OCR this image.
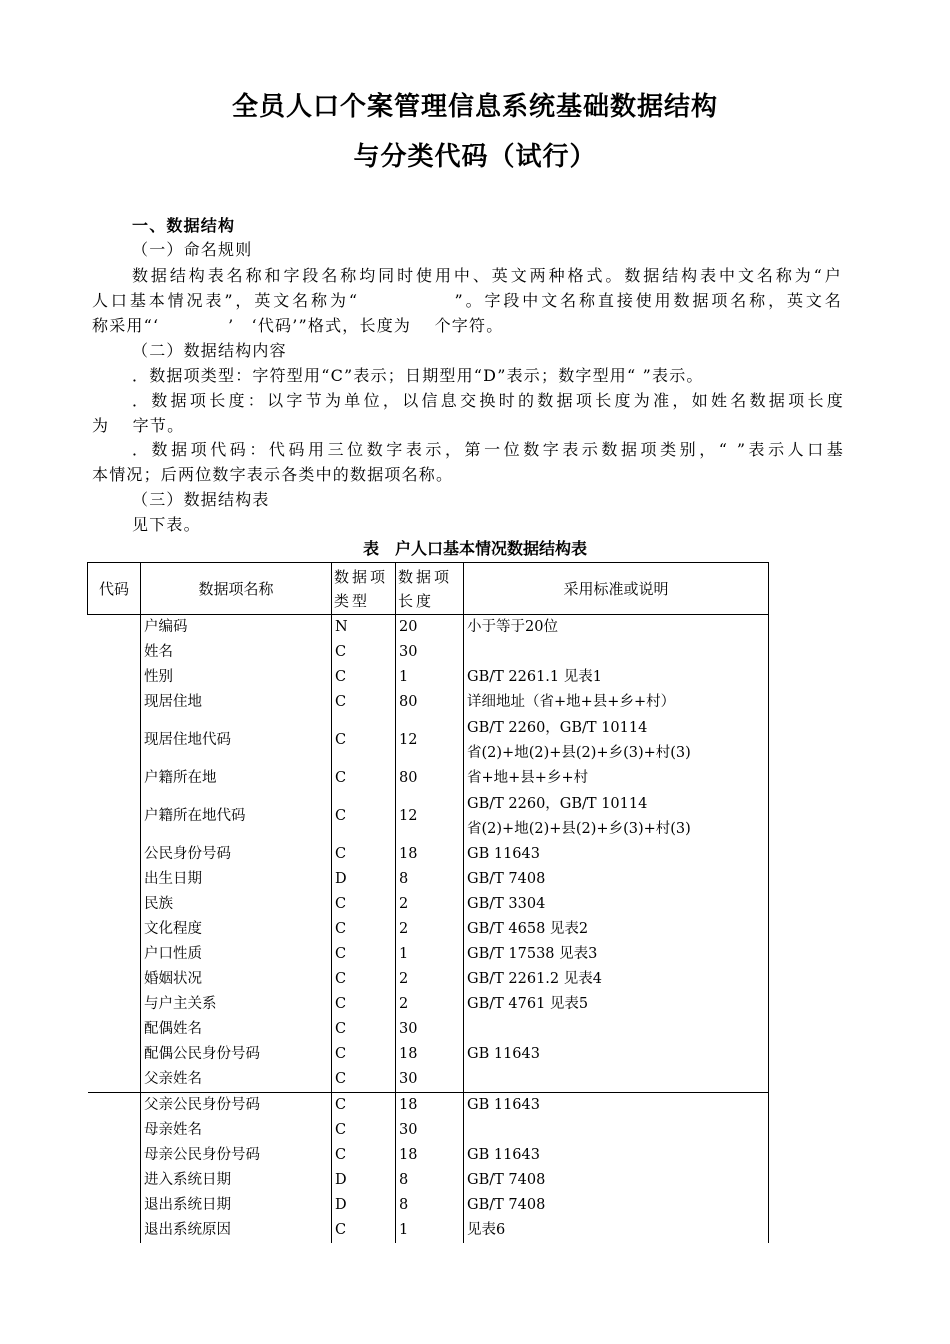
全员人口个案管理信息系统基础数据结构
与分类代码（试行）
一、数据结构
（一）命名规则
数据结构表名称和字段名称均同时使用中、英文两种格式。数据结构表中文名称为“户
人口基本情况表”，英文名称为“　　　　　”。字段中文名称直接使用数据项名称，英文名
称采用“‘　　　　’　‘代码’”格式，长度为　 个字符。
（二）数据结构内容
．数据项类型：字符型用“C”表示；日期型用“D”表示；数字型用“ ”表示。
．数据项长度：以字节为单位，以信息交换时的数据项长度为准，如姓名数据项长度
为　 字节。
．数据项代码：代码用三位数字表示，第一位数字表示数据项类别，“ ”表示人口基
本情况；后两位数字表示各类中的数据项名称。
（三）数据结构表
见下表。
表　户人口基本情况数据结构表
代码	数据项名称	数据项类型	数据项长度	采用标准或说明
	户编码	N	20	小于等于20位
	姓名	C	30	
	性别	C	1	GB/T 2261.1 见表1
	现居住地	C	80	详细地址（省+地+县+乡+村）
	现居住地代码	C	12	GB/T 2260，GB/T 10114
省(2)+地(2)+县(2)+乡(3)+村(3)

	户籍所在地	C	80	省+地+县+乡+村
	户籍所在地代码	C	12	GB/T 2260，GB/T 10114
省(2)+地(2)+县(2)+乡(3)+村(3)

	公民身份号码	C	18	GB 11643
	出生日期	D	8	GB/T 7408
	民族	C	2	GB/T 3304
	文化程度	C	2	GB/T 4658 见表2
	户口性质	C	1	GB/T 17538 见表3
	婚姻状况	C	2	GB/T 2261.2 见表4
	与户主关系	C	2	GB/T 4761 见表5
	配偶姓名	C	30	
	配偶公民身份号码	C	18	GB 11643
	父亲姓名	C	30	
	父亲公民身份号码	C	18	GB 11643
	母亲姓名	C	30	
	母亲公民身份号码	C	18	GB 11643
	进入系统日期	D	8	GB/T 7408
	退出系统日期	D	8	GB/T 7408
	退出系统原因	C	1	见表6
